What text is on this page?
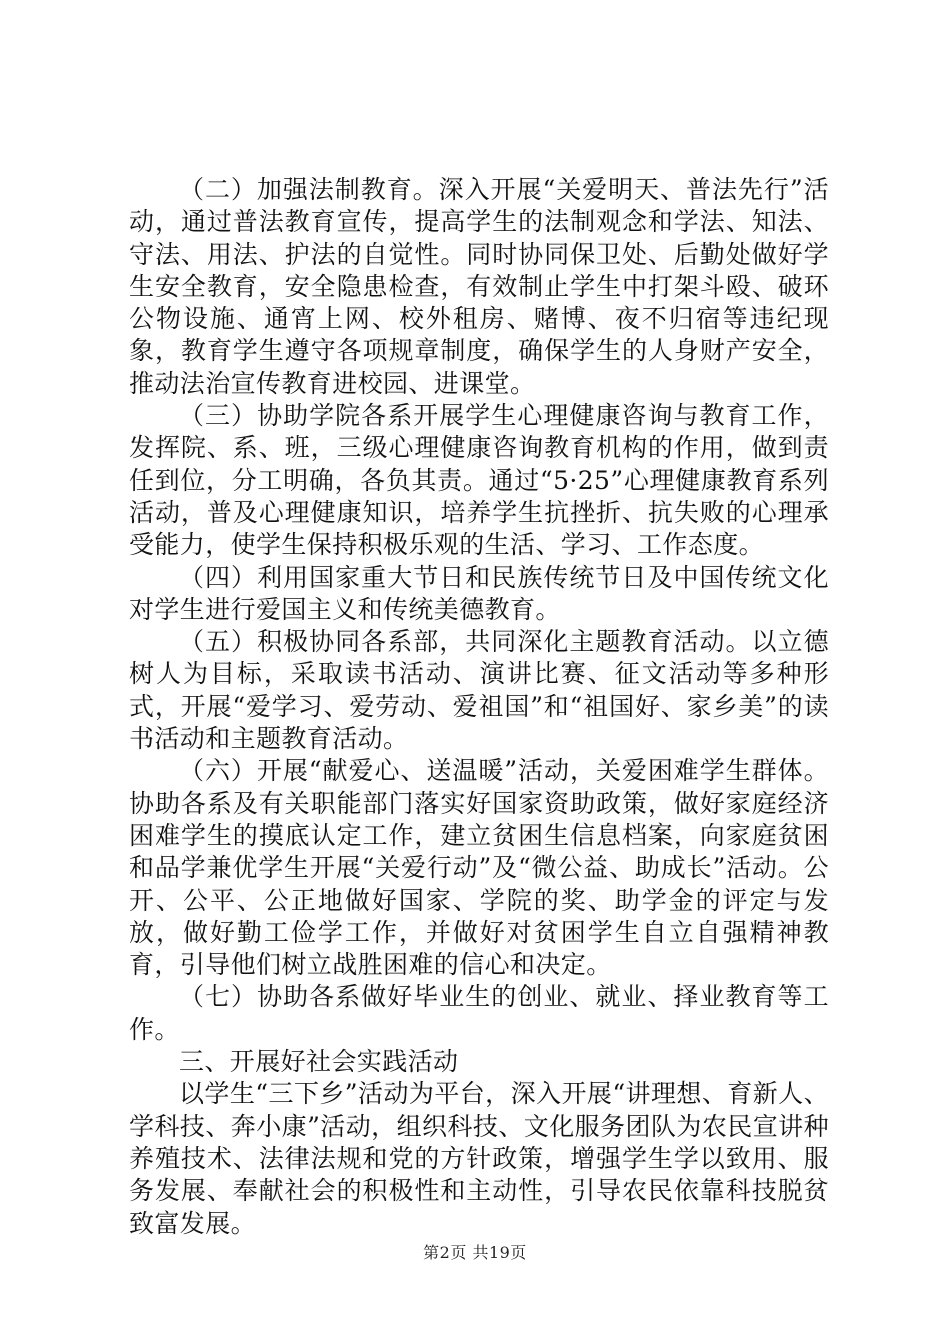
（二）加强法制教育。深入开展“关爱明天、普法先行”活动，通过普法教育宣传，提高学生的法制观念和学法、知法、守法、用法、护法的自觉性。同时协同保卫处、后勤处做好学生安全教育，安全隐患检查，有效制止学生中打架斗殴、破环公物设施、通宵上网、校外租房、赌博、夜不归宿等违纪现象，教育学生遵守各项规章制度，确保学生的人身财产安全，推动法治宣传教育进校园、进课堂。

（三）协助学院各系开展学生心理健康咨询与教育工作，发挥院、系、班，三级心理健康咨询教育机构的作用，做到责任到位，分工明确，各负其责。通过“5·25”心理健康教育系列活动，普及心理健康知识，培养学生抗挫折、抗失败的心理承受能力，使学生保持积极乐观的生活、学习、工作态度。

（四）利用国家重大节日和民族传统节日及中国传统文化对学生进行爱国主义和传统美德教育。

（五）积极协同各系部，共同深化主题教育活动。以立德树人为目标，采取读书活动、演讲比赛、征文活动等多种形式，开展“爱学习、爱劳动、爱祖国”和“祖国好、家乡美”的读书活动和主题教育活动。

（六）开展“献爱心、送温暖”活动，关爱困难学生群体。协助各系及有关职能部门落实好国家资助政策，做好家庭经济困难学生的摸底认定工作，建立贫困生信息档案，向家庭贫困和品学兼优学生开展“关爱行动”及“微公益、助成长”活动。公开、公平、公正地做好国家、学院的奖、助学金的评定与发放，做好勤工俭学工作，并做好对贫困学生自立自强精神教育，引导他们树立战胜困难的信心和决定。

（七）协助各系做好毕业生的创业、就业、择业教育等工作。

三、开展好社会实践活动

以学生“三下乡”活动为平台，深入开展“讲理想、育新人、学科技、奔小康”活动，组织科技、文化服务团队为农民宣讲种养殖技术、法律法规和党的方针政策，增强学生学以致用、服务发展、奉献社会的积极性和主动性，引导农民依靠科技脱贫致富发展。

第2页 共19页
